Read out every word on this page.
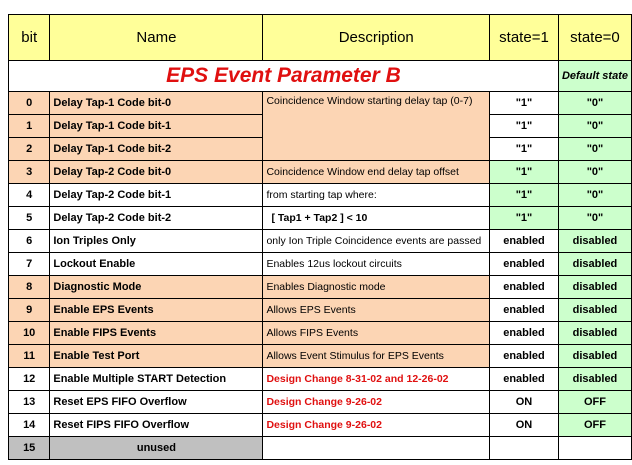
bit	Name	Description	state=1	state=0
EPS Event Parameter B				Default state
0	Delay Tap-1 Code bit-0	Coincidence Window starting delay tap (0-7)	"1"	"0"
1	Delay Tap-1 Code bit-1		"1"	"0"
2	Delay Tap-1 Code bit-2		"1"	"0"
3	Delay Tap-2 Code bit-0	Coincidence Window end delay tap offset	"1"	"0"
4	Delay Tap-2 Code bit-1	from starting tap where:	"1"	"0"
5	Delay Tap-2 Code bit-2	[ Tap1 + Tap2 ] < 10	"1"	"0"
6	Ion Triples Only	only Ion Triple Coincidence events are passed	enabled	disabled
7	Lockout Enable	Enables 12us lockout circuits	enabled	disabled
8	Diagnostic Mode	Enables Diagnostic mode	enabled	disabled
9	Enable EPS Events	Allows EPS Events	enabled	disabled
10	Enable FIPS Events	Allows FIPS Events	enabled	disabled
11	Enable Test Port	Allows Event Stimulus for EPS Events	enabled	disabled
12	Enable Multiple START Detection	Design Change 8-31-02 and 12-26-02	enabled	disabled
13	Reset EPS FIFO Overflow	Design Change 9-26-02	ON	OFF
14	Reset FIPS FIFO Overflow	Design Change 9-26-02	ON	OFF
15	unused			
